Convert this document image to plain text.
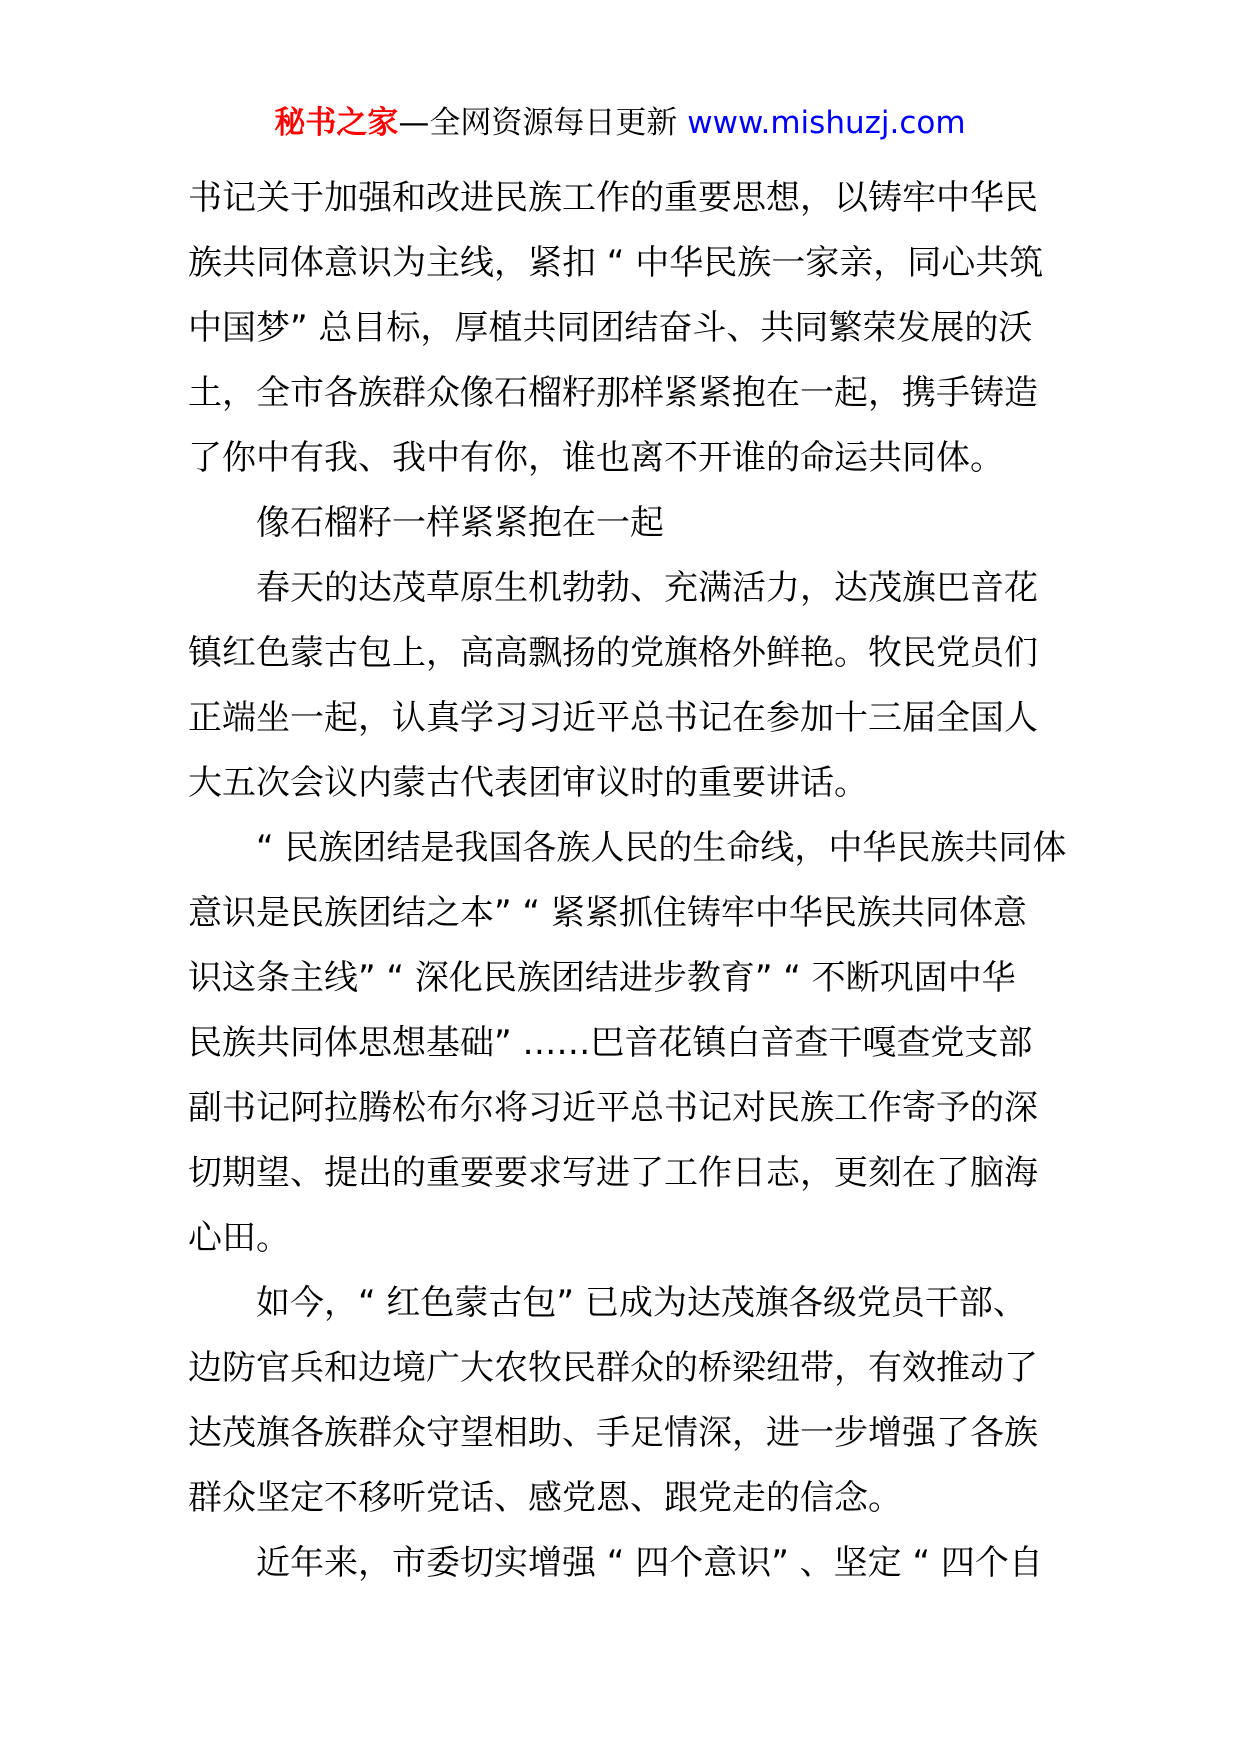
秘书之家—全网资源每日更新 www.mishuzj.com
书记关于加强和改进民族工作的重要思想，以铸牢中华民
族共同体意识为主线，紧扣 “ 中华民族一家亲，同心共筑
中国梦” 总目标，厚植共同团结奋斗、共同繁荣发展的沃
土，全市各族群众像石榴籽那样紧紧抱在一起，携手铸造
了你中有我、我中有你，谁也离不开谁的命运共同体。
像石榴籽一样紧紧抱在一起
春天的达茂草原生机勃勃、充满活力，达茂旗巴音花
镇红色蒙古包上，高高飘扬的党旗格外鲜艳。牧民党员们
正端坐一起，认真学习习近平总书记在参加十三届全国人
大五次会议内蒙古代表团审议时的重要讲话。
“ 民族团结是我国各族人民的生命线，中华民族共同体
意识是民族团结之本” “ 紧紧抓住铸牢中华民族共同体意
识这条主线” “ 深化民族团结进步教育” “ 不断巩固中华
民族共同体思想基础” ……巴音花镇白音查干嘎查党支部
副书记阿拉腾松布尔将习近平总书记对民族工作寄予的深
切期望、提出的重要要求写进了工作日志，更刻在了脑海
心田。
如今，“ 红色蒙古包” 已成为达茂旗各级党员干部、
边防官兵和边境广大农牧民群众的桥梁纽带，有效推动了
达茂旗各族群众守望相助、手足情深，进一步增强了各族
群众坚定不移听党话、感党恩、跟党走的信念。
近年来，市委切实增强 “ 四个意识” 、坚定 “ 四个自
